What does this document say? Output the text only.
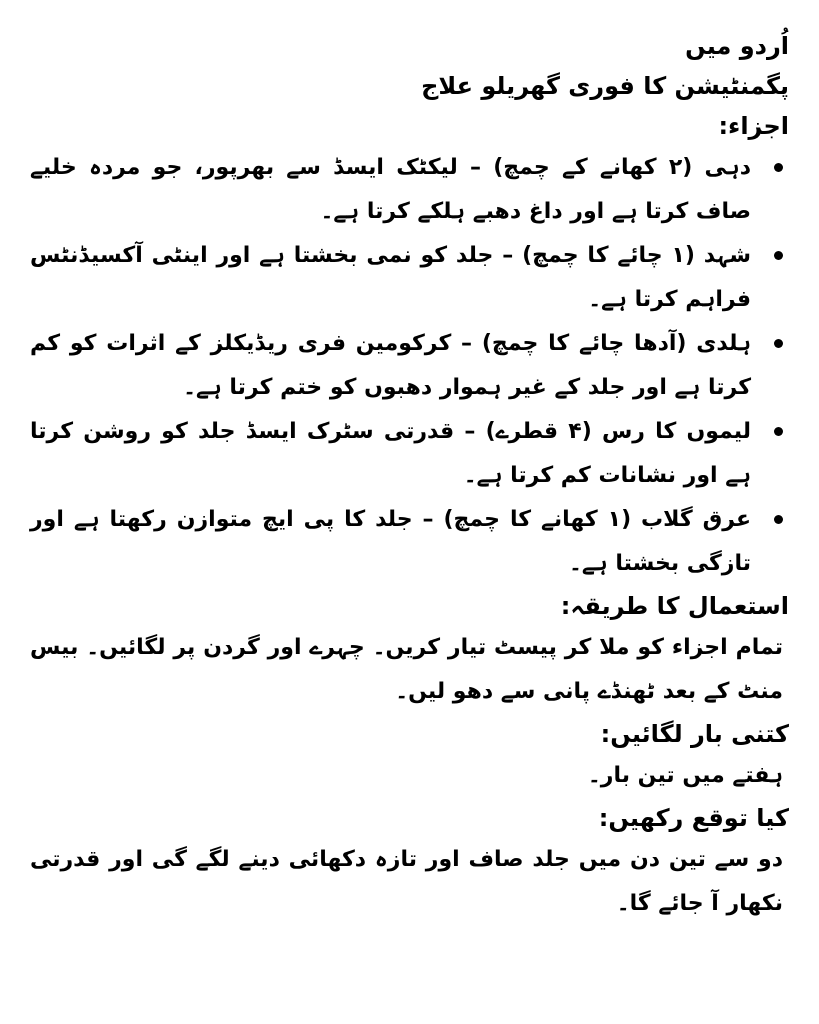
اُردو میں
پگمنٹیشن کا فوری گھریلو علاج
اجزاء:
دہی (۲ کھانے کے چمچ) – لیکٹک ایسڈ سے بھرپور، جو مردہ خلیے صاف کرتا ہے اور داغ دھبے ہلکے کرتا ہے۔
شہد (۱ چائے کا چمچ) – جلد کو نمی بخشتا ہے اور اینٹی آکسیڈنٹس فراہم کرتا ہے۔
ہلدی (آدھا چائے کا چمچ) – کرکومین فری ریڈیکلز کے اثرات کو کم کرتا ہے اور جلد کے غیر ہموار دھبوں کو ختم کرتا ہے۔
لیموں کا رس (۴ قطرے) – قدرتی سٹرک ایسڈ جلد کو روشن کرتا ہے اور نشانات کم کرتا ہے۔
عرق گلاب (۱ کھانے کا چمچ) – جلد کا پی ایچ متوازن رکھتا ہے اور تازگی بخشتا ہے۔
استعمال کا طریقہ:
تمام اجزاء کو ملا کر پیسٹ تیار کریں۔ چہرے اور گردن پر لگائیں۔ بیس منٹ کے بعد ٹھنڈے پانی سے دھو لیں۔
کتنی بار لگائیں:
ہفتے میں تین بار۔
کیا توقع رکھیں:
دو سے تین دن میں جلد صاف اور تازہ دکھائی دینے لگے گی اور قدرتی نکھار آ جائے گا۔
